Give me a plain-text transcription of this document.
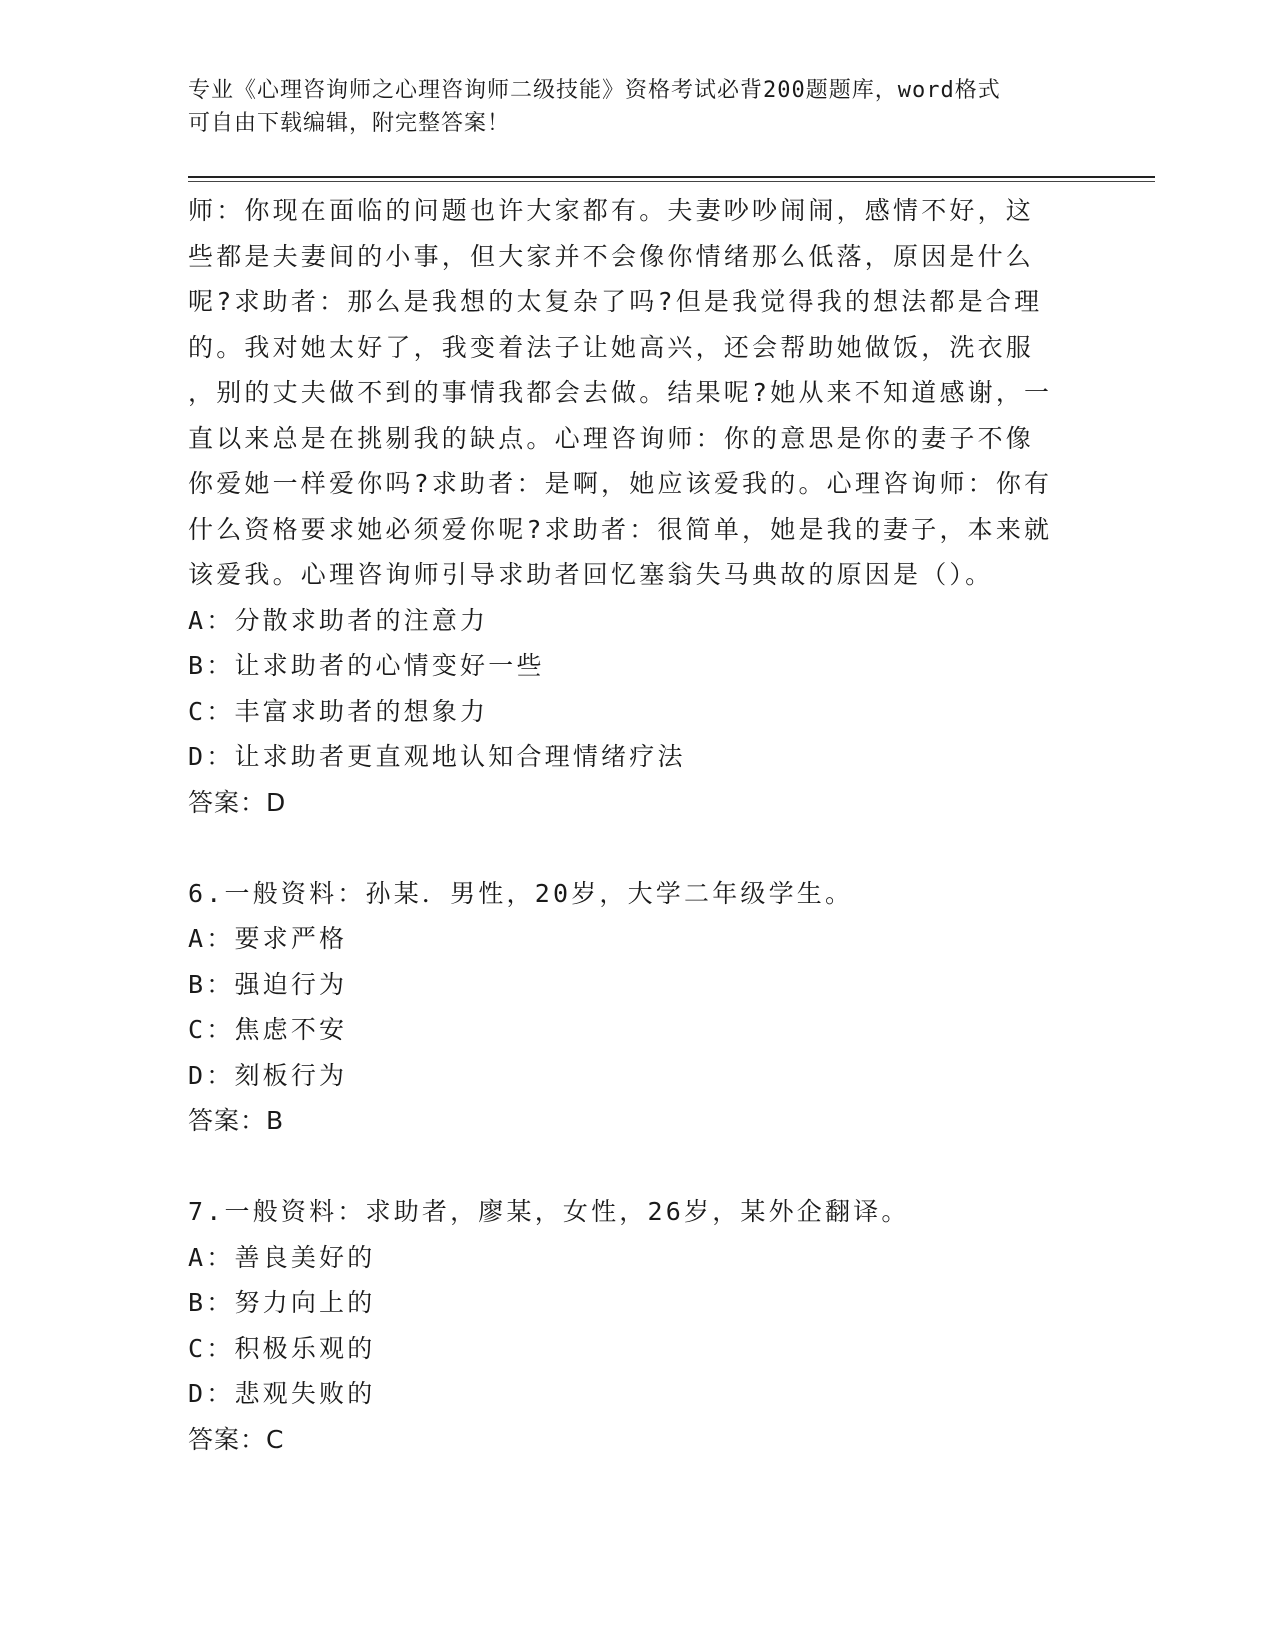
专业《心理咨询师之心理咨询师二级技能》资格考试必背200题题库，word格式
可自由下载编辑，附完整答案！
师：你现在面临的问题也许大家都有。夫妻吵吵闹闹，感情不好，这
些都是夫妻间的小事，但大家并不会像你情绪那么低落，原因是什么
呢?求助者：那么是我想的太复杂了吗?但是我觉得我的想法都是合理
的。我对她太好了，我变着法子让她高兴，还会帮助她做饭，洗衣服
，别的丈夫做不到的事情我都会去做。结果呢?她从来不知道感谢，一
直以来总是在挑剔我的缺点。心理咨询师：你的意思是你的妻子不像
你爱她一样爱你吗?求助者：是啊，她应该爱我的。心理咨询师：你有
什么资格要求她必须爱你呢?求助者：很简单，她是我的妻子，本来就
该爱我。心理咨询师引导求助者回忆塞翁失马典故的原因是（）。
A：分散求助者的注意力
B：让求助者的心情变好一些
C：丰富求助者的想象力
D：让求助者更直观地认知合理情绪疗法
答案：D
6.一般资料：孙某．男性，20岁，大学二年级学生。
A：要求严格
B：强迫行为
C：焦虑不安
D：刻板行为
答案：B
7.一般资料：求助者，廖某，女性，26岁，某外企翻译。
A：善良美好的
B：努力向上的
C：积极乐观的
D：悲观失败的
答案：C
